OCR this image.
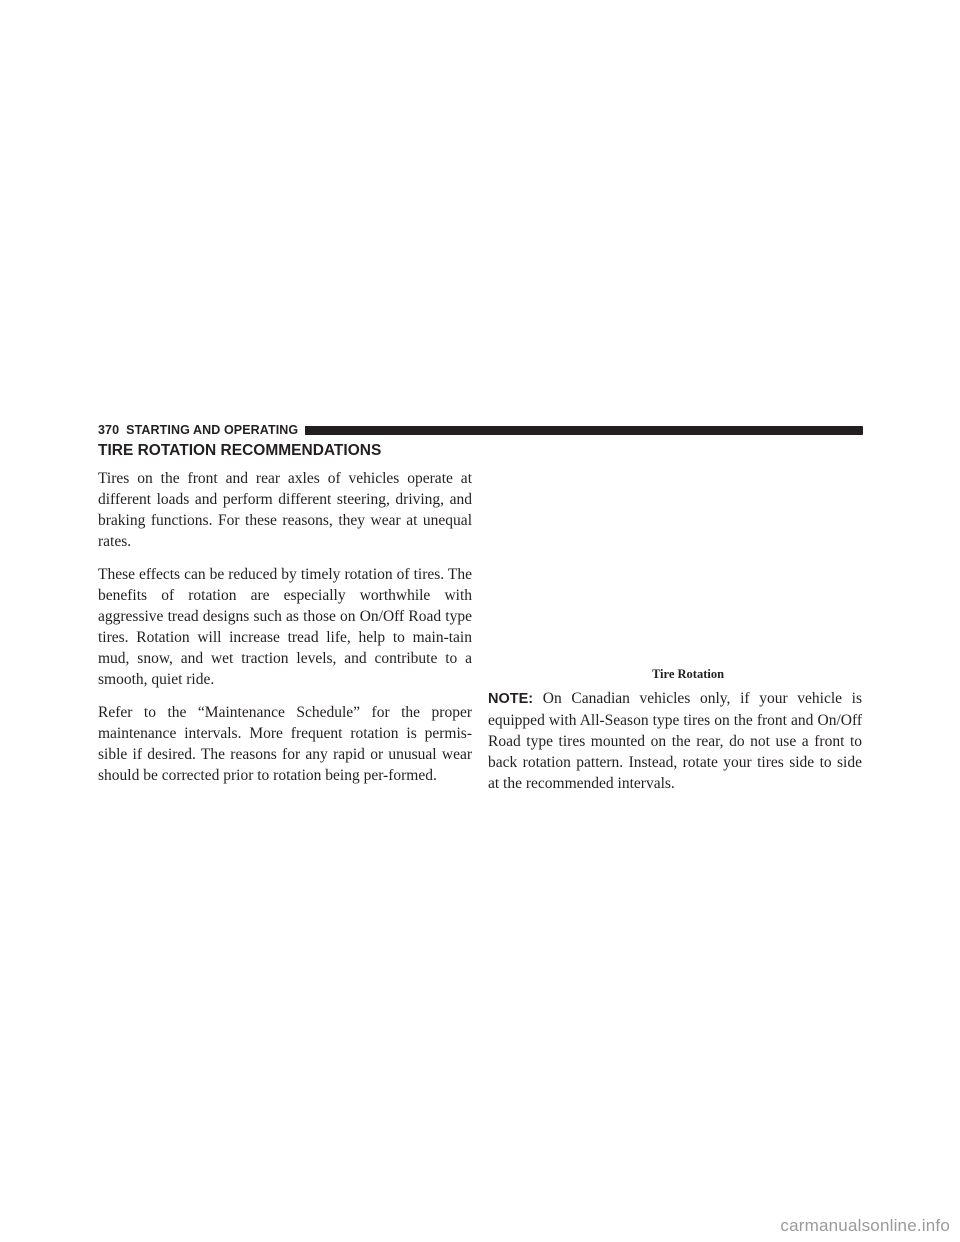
370 STARTING AND OPERATING
TIRE ROTATION RECOMMENDATIONS

Tires on the front and rear axles of vehicles operate at different loads and perform different steering, driving, and braking functions. For these reasons, they wear at unequal rates.

These effects can be reduced by timely rotation of tires. The benefits of rotation are especially worthwhile with aggressive tread designs such as those on On/Off Road type tires. Rotation will increase tread life, help to main-tain mud, snow, and wet traction levels, and contribute to a smooth, quiet ride.

Refer to the “Maintenance Schedule” for the proper maintenance intervals. More frequent rotation is permis-sible if desired. The reasons for any rapid or unusual wear should be corrected prior to rotation being per-formed.

Tire Rotation

NOTE: On Canadian vehicles only, if your vehicle is equipped with All-Season type tires on the front and On/Off Road type tires mounted on the rear, do not use a front to back rotation pattern. Instead, rotate your tires side to side at the recommended intervals.

carmanualsonline.info
